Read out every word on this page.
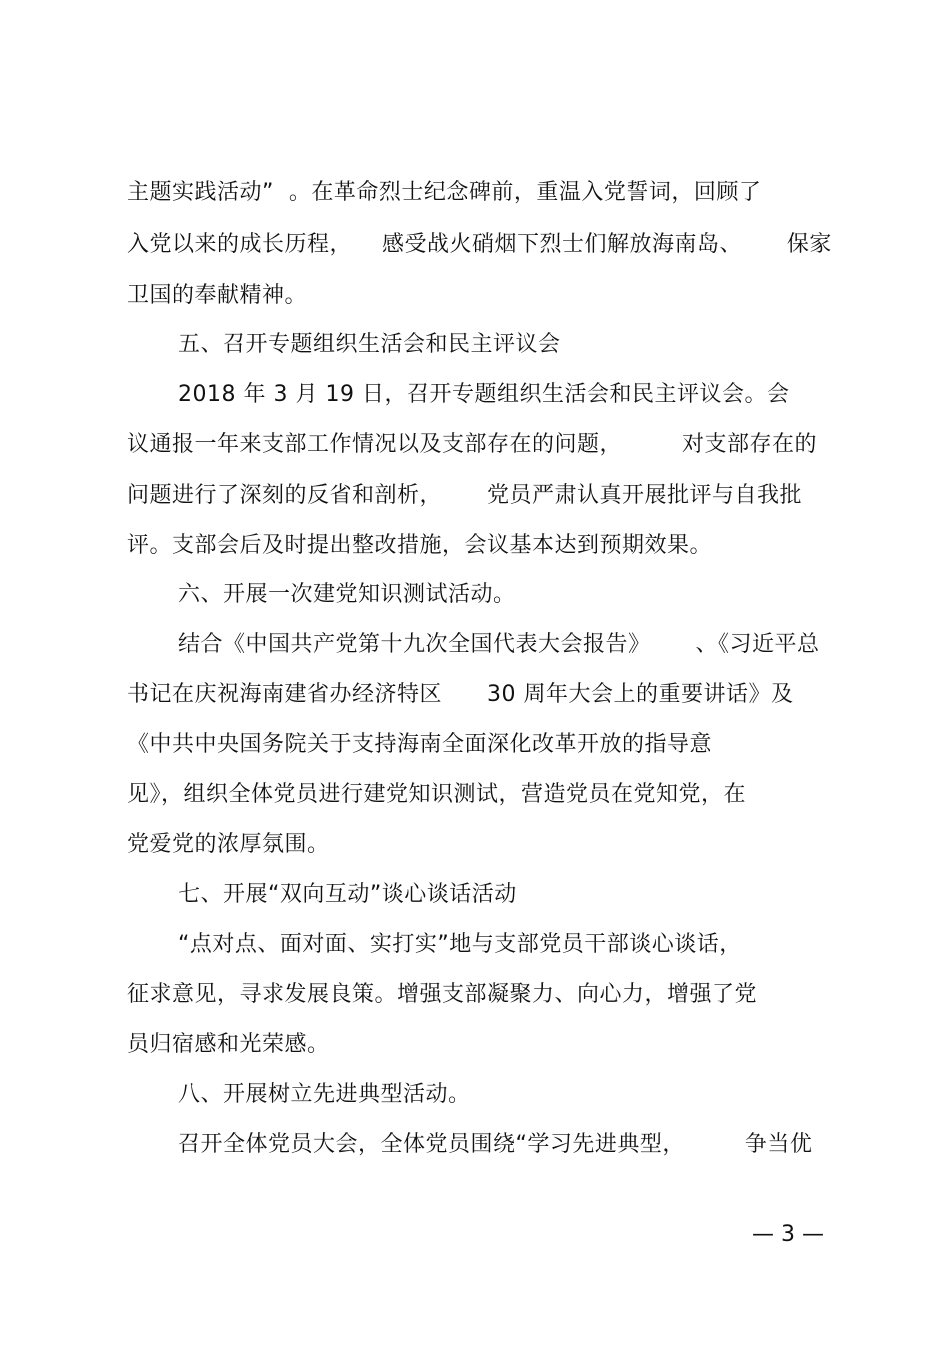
主题实践活动”  。在革命烈士纪念碑前，重温入党誓词，回顾了
入党以来的成长历程，    感受战火硝烟下烈士们解放海南岛、      保家
卫国的奉献精神。
五、召开专题组织生活会和民主评议会
2018 年 3 月 19 日，召开专题组织生活会和民主评议会。会
议通报一年来支部工作情况以及支部存在的问题，        对支部存在的
问题进行了深刻的反省和剖析，      党员严肃认真开展批评与自我批
评。支部会后及时提出整改措施，会议基本达到预期效果。
六、开展一次建党知识测试活动。
结合《中国共产党第十九次全国代表大会报告》      、《习近平总
书记在庆祝海南建省办经济特区      30 周年大会上的重要讲话》及
《中共中央国务院关于支持海南全面深化改革开放的指导意
见》，组织全体党员进行建党知识测试，营造党员在党知党，在
党爱党的浓厚氛围。
七、开展“双向互动”谈心谈话活动
“点对点、面对面、实打实”地与支部党员干部谈心谈话，
征求意见，寻求发展良策。增强支部凝聚力、向心力，增强了党
员归宿感和光荣感。
八、开展树立先进典型活动。
召开全体党员大会，全体党员围绕“学习先进典型，        争当优
— 3 —
